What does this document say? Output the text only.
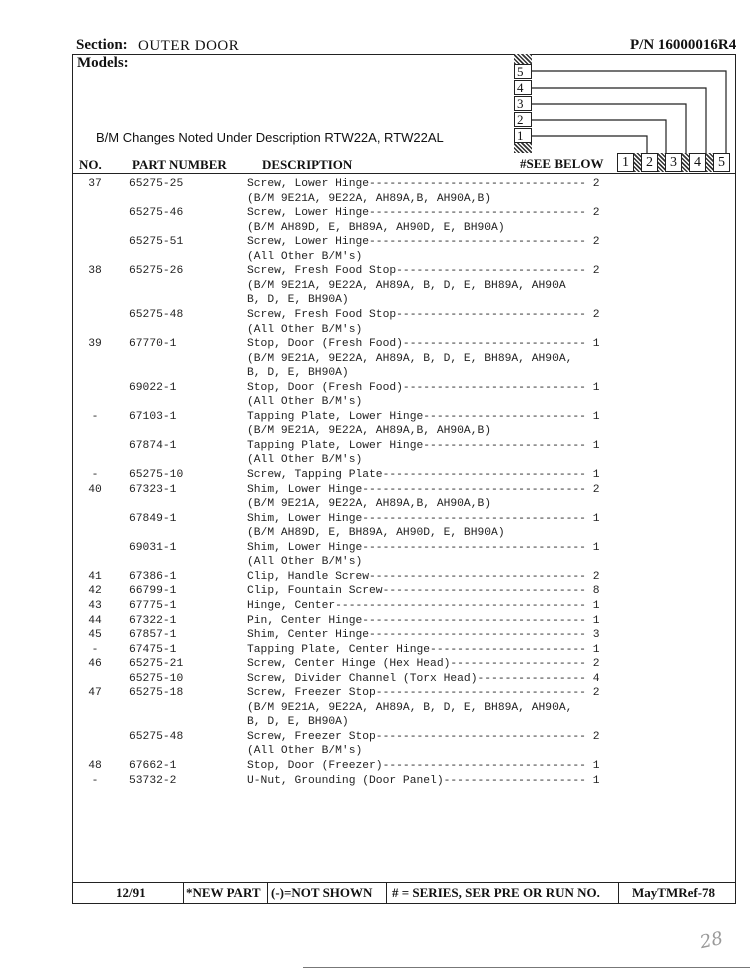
Section: OUTER DOOR	P/N 16000016R4
Models:
B/M Changes Noted Under Description RTW22A, RTW22AL
5
4
3
2
1
NO. PART NUMBER	DESCRIPTION	#SEE BELOW	1	2	3	4	5
37	65275-25	Screw, Lower Hinge-------------------------------- 2
(B/M 9E21A, 9E22A, AH89A,B, AH90A,B)
65275-46	Screw, Lower Hinge-------------------------------- 2
(B/M AH89D, E, BH89A, AH90D, E, BH90A)
65275-51	Screw, Lower Hinge-------------------------------- 2
(All Other B/M's)
38	65275-26	Screw, Fresh Food Stop---------------------------- 2
(B/M 9E21A, 9E22A, AH89A, B, D, E, BH89A, AH90A
B, D, E, BH90A)
65275-48	Screw, Fresh Food Stop---------------------------- 2
(All Other B/M's)
39	67770-1	Stop, Door (Fresh Food)--------------------------- 1
(B/M 9E21A, 9E22A, AH89A, B, D, E, BH89A, AH90A,
B, D, E, BH90A)
69022-1	Stop, Door (Fresh Food)--------------------------- 1
(All Other B/M's)
-	67103-1	Tapping Plate, Lower Hinge------------------------ 1
(B/M 9E21A, 9E22A, AH89A,B, AH90A,B)
67874-1	Tapping Plate, Lower Hinge------------------------ 1
(All Other B/M's)
-	65275-10	Screw, Tapping Plate------------------------------ 1
40	67323-1	Shim, Lower Hinge--------------------------------- 2
(B/M 9E21A, 9E22A, AH89A,B, AH90A,B)
67849-1	Shim, Lower Hinge--------------------------------- 1
(B/M AH89D, E, BH89A, AH90D, E, BH90A)
69031-1	Shim, Lower Hinge--------------------------------- 1
(All Other B/M's)
41	67386-1	Clip, Handle Screw-------------------------------- 2
42	66799-1	Clip, Fountain Screw------------------------------ 8
43	67775-1	Hinge, Center------------------------------------- 1
44	67322-1	Pin, Center Hinge--------------------------------- 1
45	67857-1	Shim, Center Hinge-------------------------------- 3
-	67475-1	Tapping Plate, Center Hinge----------------------- 1
46	65275-21	Screw, Center Hinge (Hex Head)-------------------- 2
65275-10	Screw, Divider Channel (Torx Head)---------------- 4
47	65275-18	Screw, Freezer Stop------------------------------- 2
(B/M 9E21A, 9E22A, AH89A, B, D, E, BH89A, AH90A,
B, D, E, BH90A)
65275-48	Screw, Freezer Stop------------------------------- 2
(All Other B/M's)
48	67662-1	Stop, Door (Freezer)------------------------------ 1
-	53732-2	U-Nut, Grounding (Door Panel)--------------------- 1
12/91	*NEW PART (-)=NOT SHOWN # = SERIES, SER PRE OR RUN NO. MayTMRef-78
28
